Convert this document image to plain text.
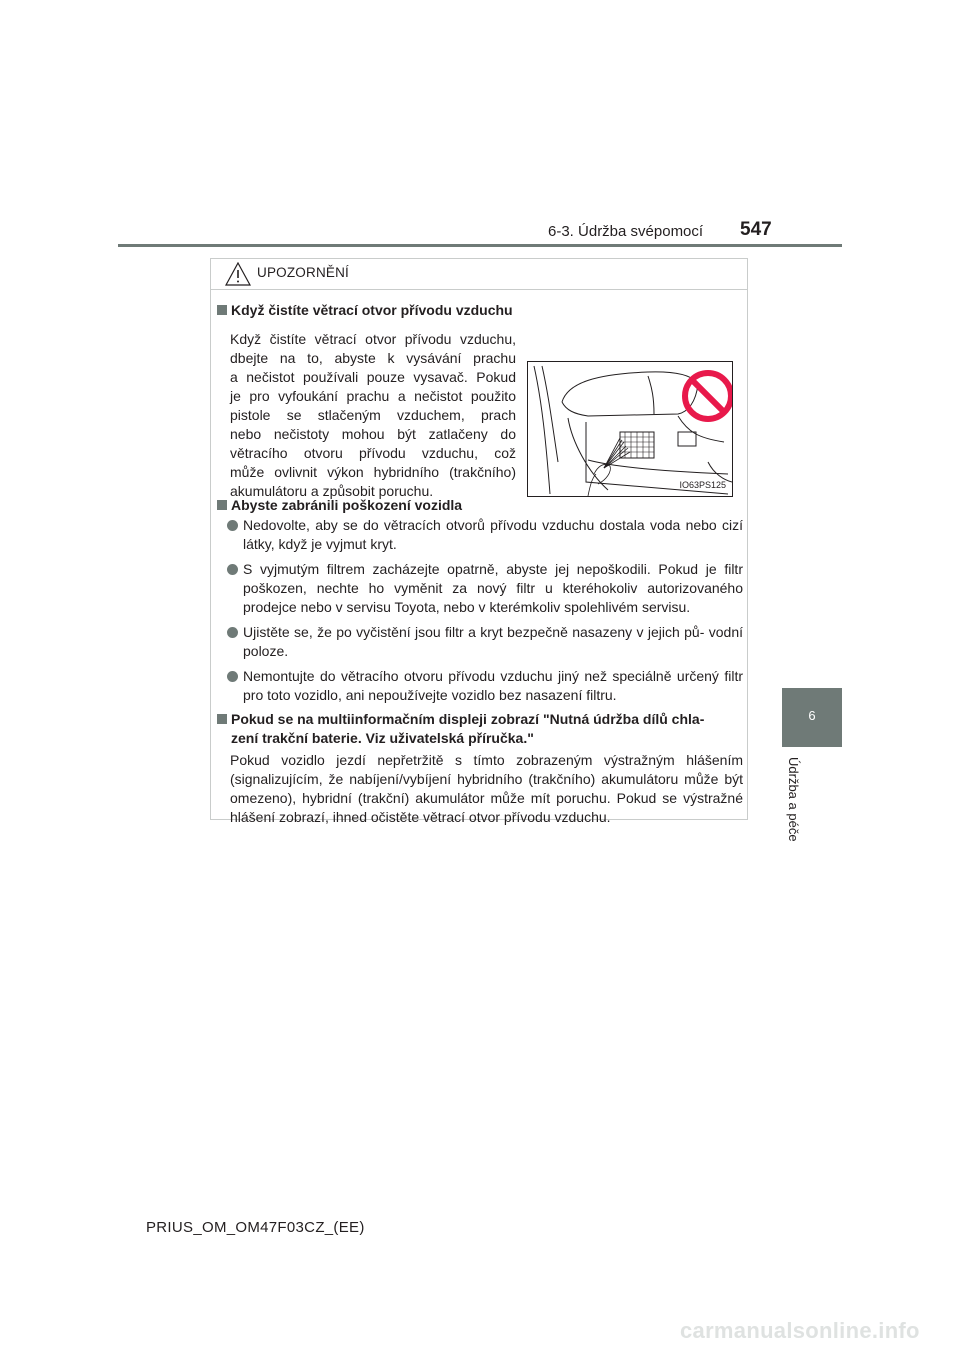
6-3. Údržba svépomocí 547
6
Údržba a péče
UPOZORNĚNÍ
Když čistíte větrací otvor přívodu vzduchu
Když čistíte větrací otvor přívodu vzduchu,
dbejte na to, abyste k vysávání prachu
a nečistot používali pouze vysavač. Pokud
je pro vyfoukání prachu a nečistot použito
pistole se stlačeným vzduchem, prach
nebo nečistoty mohou být zatlačeny do
větracího otvoru přívodu vzduchu, což
může ovlivnit výkon hybridního (trakčního)
akumulátoru a způsobit poruchu.	IO63PS125
Abyste zabránili poškození vozidla
Nedovolte, aby se do větracích otvorů přívodu vzduchu dostala voda nebo cizí látky, když je vyjmut kryt.
S vyjmutým filtrem zacházejte opatrně, abyste jej nepoškodili. Pokud je filtr poškozen, nechte ho vyměnit za nový filtr u kteréhokoliv autorizovaného prodejce nebo v servisu Toyota, nebo v kterémkoliv spolehlivém servisu.
Ujistěte se, že po vyčistění jsou filtr a kryt bezpečně nasazeny v jejich pů- vodní poloze.
Nemontujte do větracího otvoru přívodu vzduchu jiný než speciálně určený filtr pro toto vozidlo, ani nepoužívejte vozidlo bez nasazení filtru.
Pokud se na multiinformačním displeji zobrazí "Nutná údržba dílů chla-
zení trakční baterie. Viz uživatelská příručka."
Pokud vozidlo jezdí nepřetržitě s tímto zobrazeným výstražným hlášením (signalizujícím, že nabíjení/vybíjení hybridního (trakčního) akumulátoru může být omezeno), hybridní (trakční) akumulátor může mít poruchu. Pokud se výstražné hlášení zobrazí, ihned očistěte větrací otvor přívodu vzduchu.
PRIUS_OM_OM47F03CZ_(EE)
carmanualsonline.info
